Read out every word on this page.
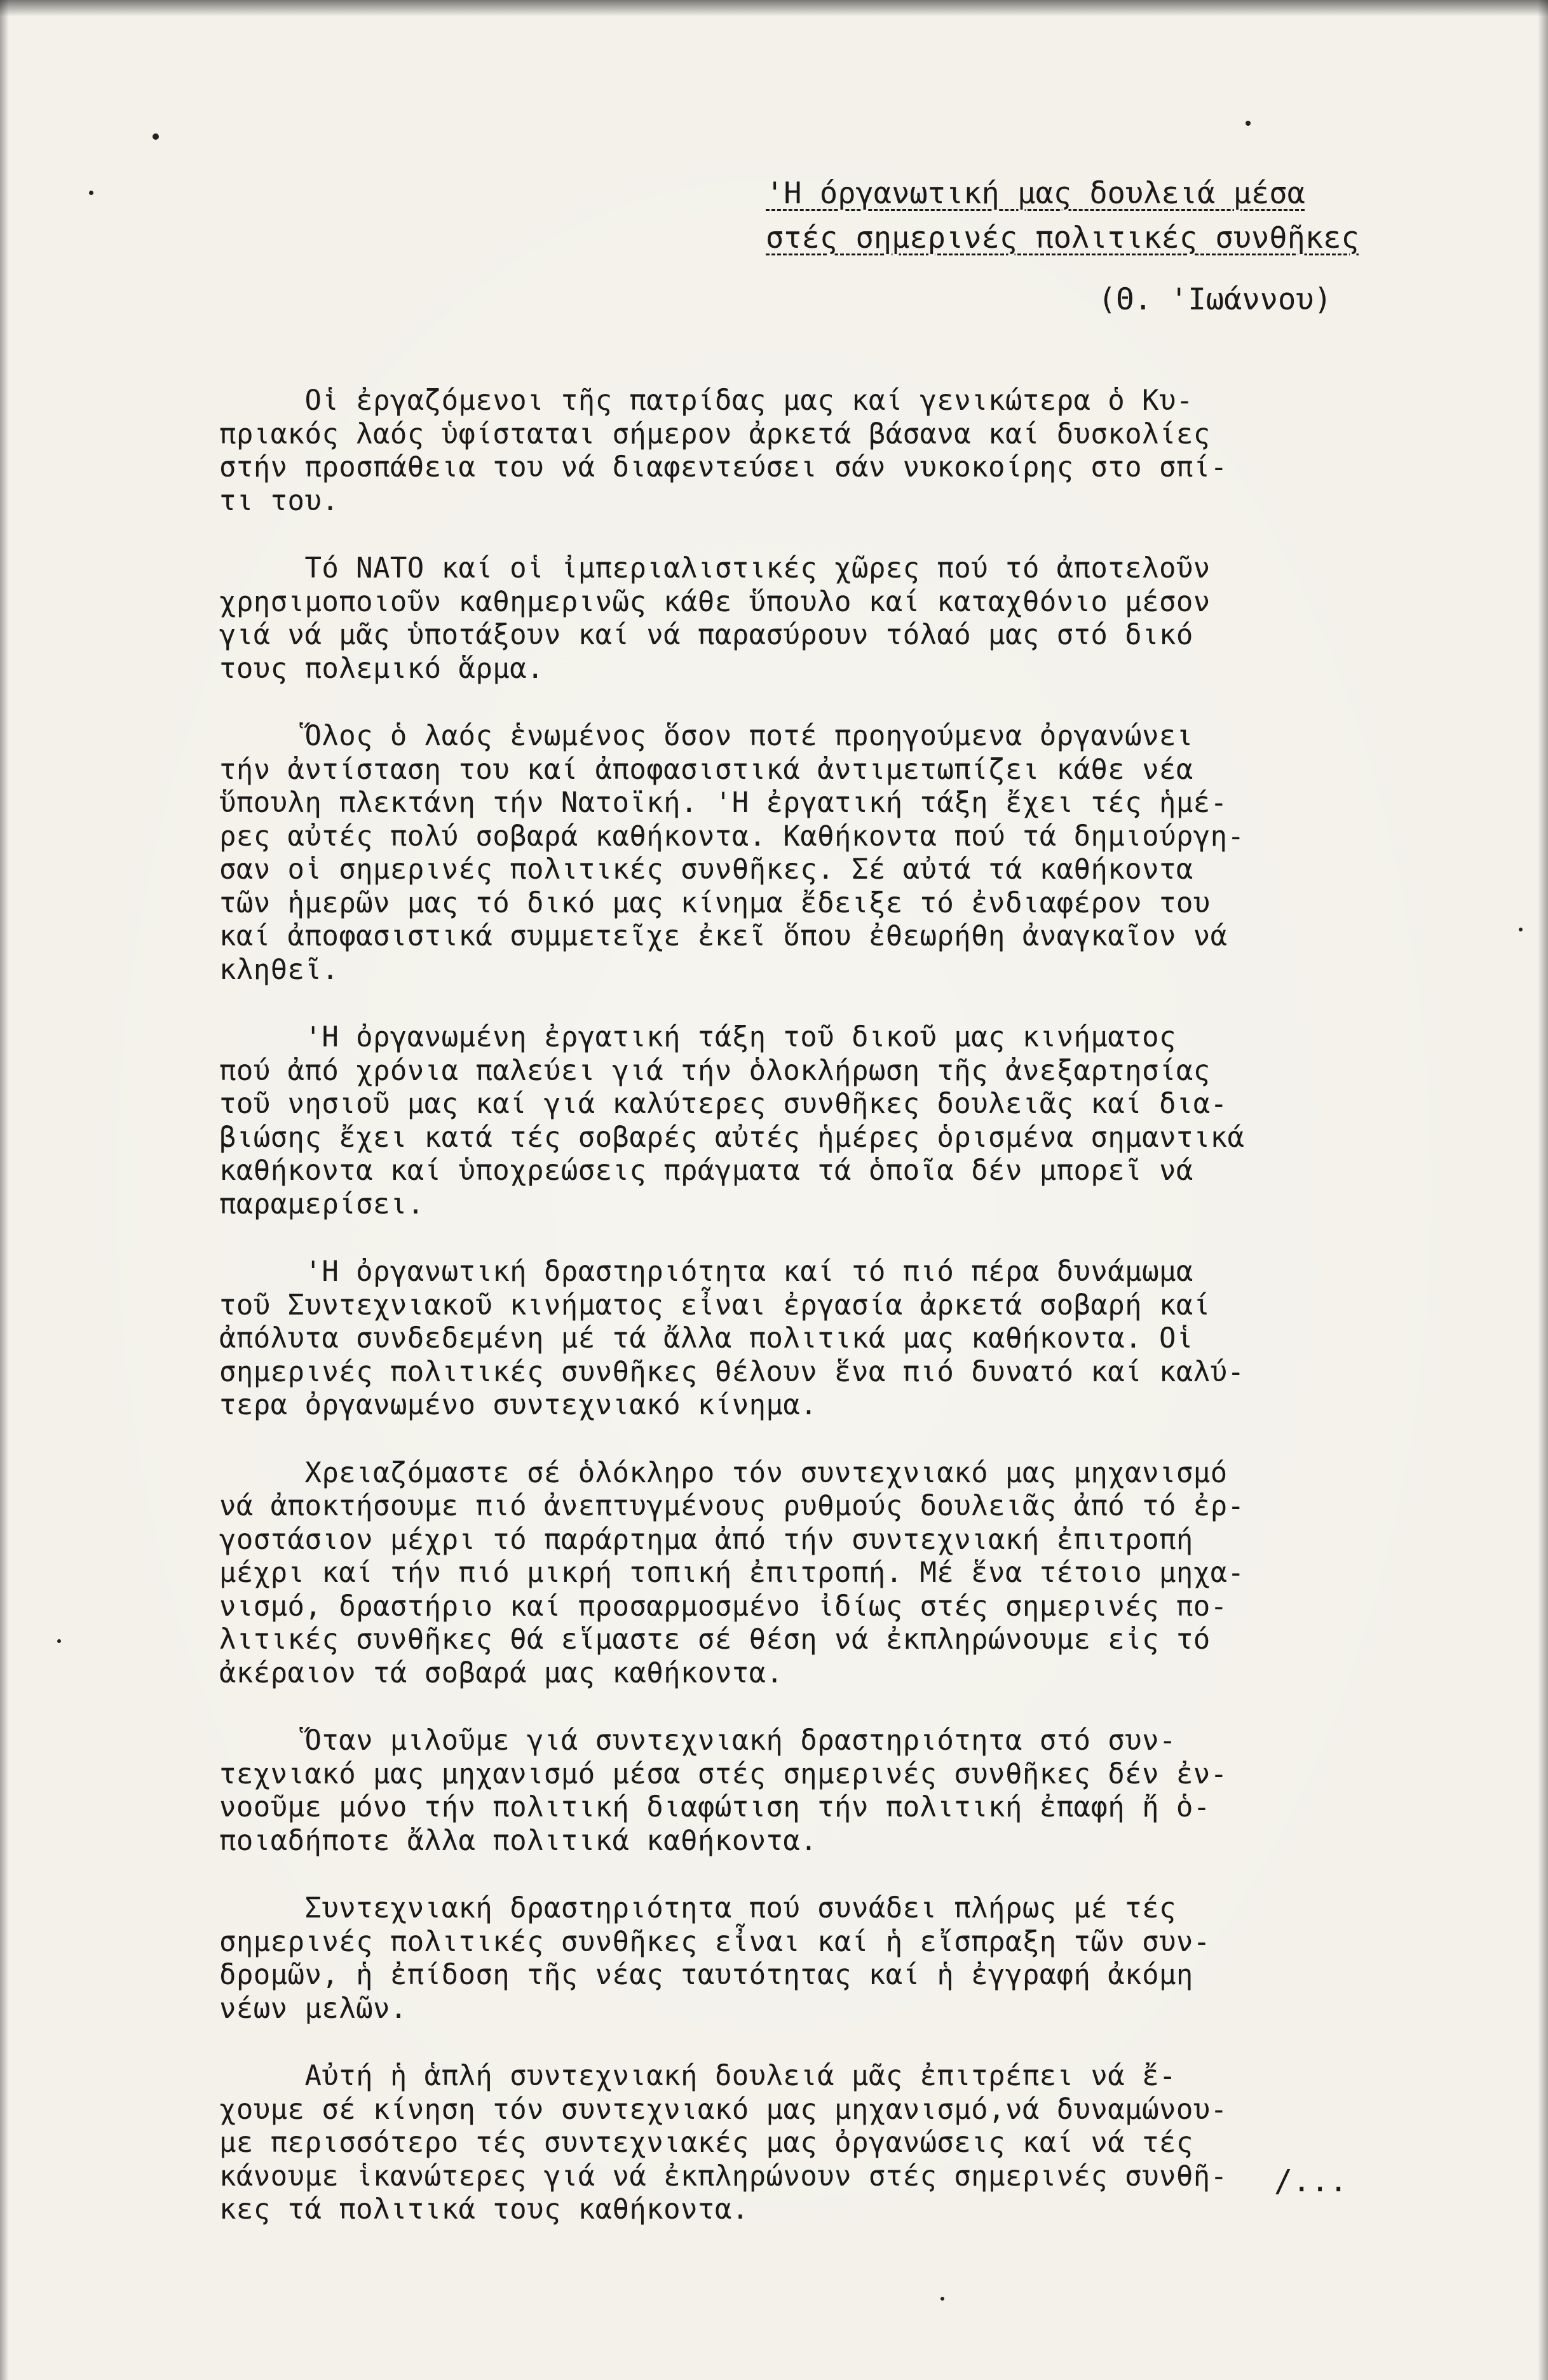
'Η όργανωτική μας δουλειά μέσα
στές σημερινές πολιτικές συνθῆκες
(Θ. 'Ιωάννου)
Οἱ ἐργαζόμενοι τῆς πατρίδας μας καί γενικώτερα ὁ Κυ-
πριακός λαός ὑφίσταται σήμερον ἀρκετά βάσανα καί δυσκολίες
στήν προσπάθεια του νά διαφεντεύσει σάν νυκοκοίρης στο σπί-
τι του.
Τό ΝΑΤΟ καί οἱ ἰμπεριαλιστικές χῶρες πού τό ἀποτελοῦν
χρησιμοποιοῦν καθημερινῶς κάθε ὕπουλο καί καταχθόνιο μέσον
γιά νά μᾶς ὑποτάξουν καί νά παρασύρουν τόλαό μας στό δικό
τους πολεμικό ἅρμα.
Ὅλος ὁ λαός ἑνωμένος ὅσον ποτέ προηγούμενα ὀργανώνει
τήν ἀντίσταση του καί ἀποφασιστικά ἀντιμετωπίζει κάθε νέα
ὕπουλη πλεκτάνη τήν Νατοϊκή. 'Η ἐργατική τάξη ἔχει τές ἡμέ-
ρες αὐτές πολύ σοβαρά καθήκοντα. Καθήκοντα πού τά δημιούργη-
σαν οἱ σημερινές πολιτικές συνθῆκες. Σέ αὐτά τά καθήκοντα
τῶν ἡμερῶν μας τό δικό μας κίνημα ἔδειξε τό ἐνδιαφέρον του
καί ἀποφασιστικά συμμετεῖχε ἐκεῖ ὅπου ἐθεωρήθη ἀναγκαῖον νά
κληθεῖ.
'Η ὀργανωμένη ἐργατική τάξη τοῦ δικοῦ μας κινήματος
πού ἀπό χρόνια παλεύει γιά τήν ὁλοκλήρωση τῆς ἀνεξαρτησίας
τοῦ νησιοῦ μας καί γιά καλύτερες συνθῆκες δουλειᾶς καί δια-
βιώσης ἔχει κατά τές σοβαρές αὐτές ἡμέρες ὁρισμένα σημαντικά
καθήκοντα καί ὑποχρεώσεις πράγματα τά ὁποῖα δέν μπορεῖ νά
παραμερίσει.
'Η ὀργανωτική δραστηριότητα καί τό πιό πέρα δυνάμωμα
τοῦ Συντεχνιακοῦ κινήματος εἶναι ἐργασία ἀρκετά σοβαρή καί
ἀπόλυτα συνδεδεμένη μέ τά ἄλλα πολιτικά μας καθήκοντα. Οἱ
σημερινές πολιτικές συνθῆκες θέλουν ἕνα πιό δυνατό καί καλύ-
τερα ὀργανωμένο συντεχνιακό κίνημα.
Χρειαζόμαστε σέ ὁλόκληρο τόν συντεχνιακό μας μηχανισμό
νά ἀποκτήσουμε πιό ἀνεπτυγμένους ρυθμούς δουλειᾶς ἀπό τό ἐρ-
γοστάσιον μέχρι τό παράρτημα ἀπό τήν συντεχνιακή ἐπιτροπή
μέχρι καί τήν πιό μικρή τοπική ἐπιτροπή. Μέ ἕνα τέτοιο μηχα-
νισμό, δραστήριο καί προσαρμοσμένο ἰδίως στές σημερινές πο-
λιτικές συνθῆκες θά εἵμαστε σέ θέση νά ἐκπληρώνουμε εἰς τό
ἀκέραιον τά σοβαρά μας καθήκοντα.
Ὅταν μιλοῦμε γιά συντεχνιακή δραστηριότητα στό συν-
τεχνιακό μας μηχανισμό μέσα στές σημερινές συνθῆκες δέν ἐν-
νοοῦμε μόνο τήν πολιτική διαφώτιση τήν πολιτική ἐπαφή ἤ ὁ-
ποιαδήποτε ἄλλα πολιτικά καθήκοντα.
Συντεχνιακή δραστηριότητα πού συνάδει πλήρως μέ τές
σημερινές πολιτικές συνθῆκες εἶναι καί ἡ εἴσπραξη τῶν συν-
δρομῶν, ἡ ἐπίδοση τῆς νέας ταυτότητας καί ἡ ἐγγραφή ἀκόμη
νέων μελῶν.
Αὐτή ἡ ἁπλή συντεχνιακή δουλειά μᾶς ἐπιτρέπει νά ἔ-
χουμε σέ κίνηση τόν συντεχνιακό μας μηχανισμό,νά δυναμώνου-
με περισσότερο τές συντεχνιακές μας ὀργανώσεις καί νά τές
κάνουμε ἱκανώτερες γιά νά ἐκπληρώνουν στές σημερινές συνθῆ-
κες τά πολιτικά τους καθήκοντα.
/...
